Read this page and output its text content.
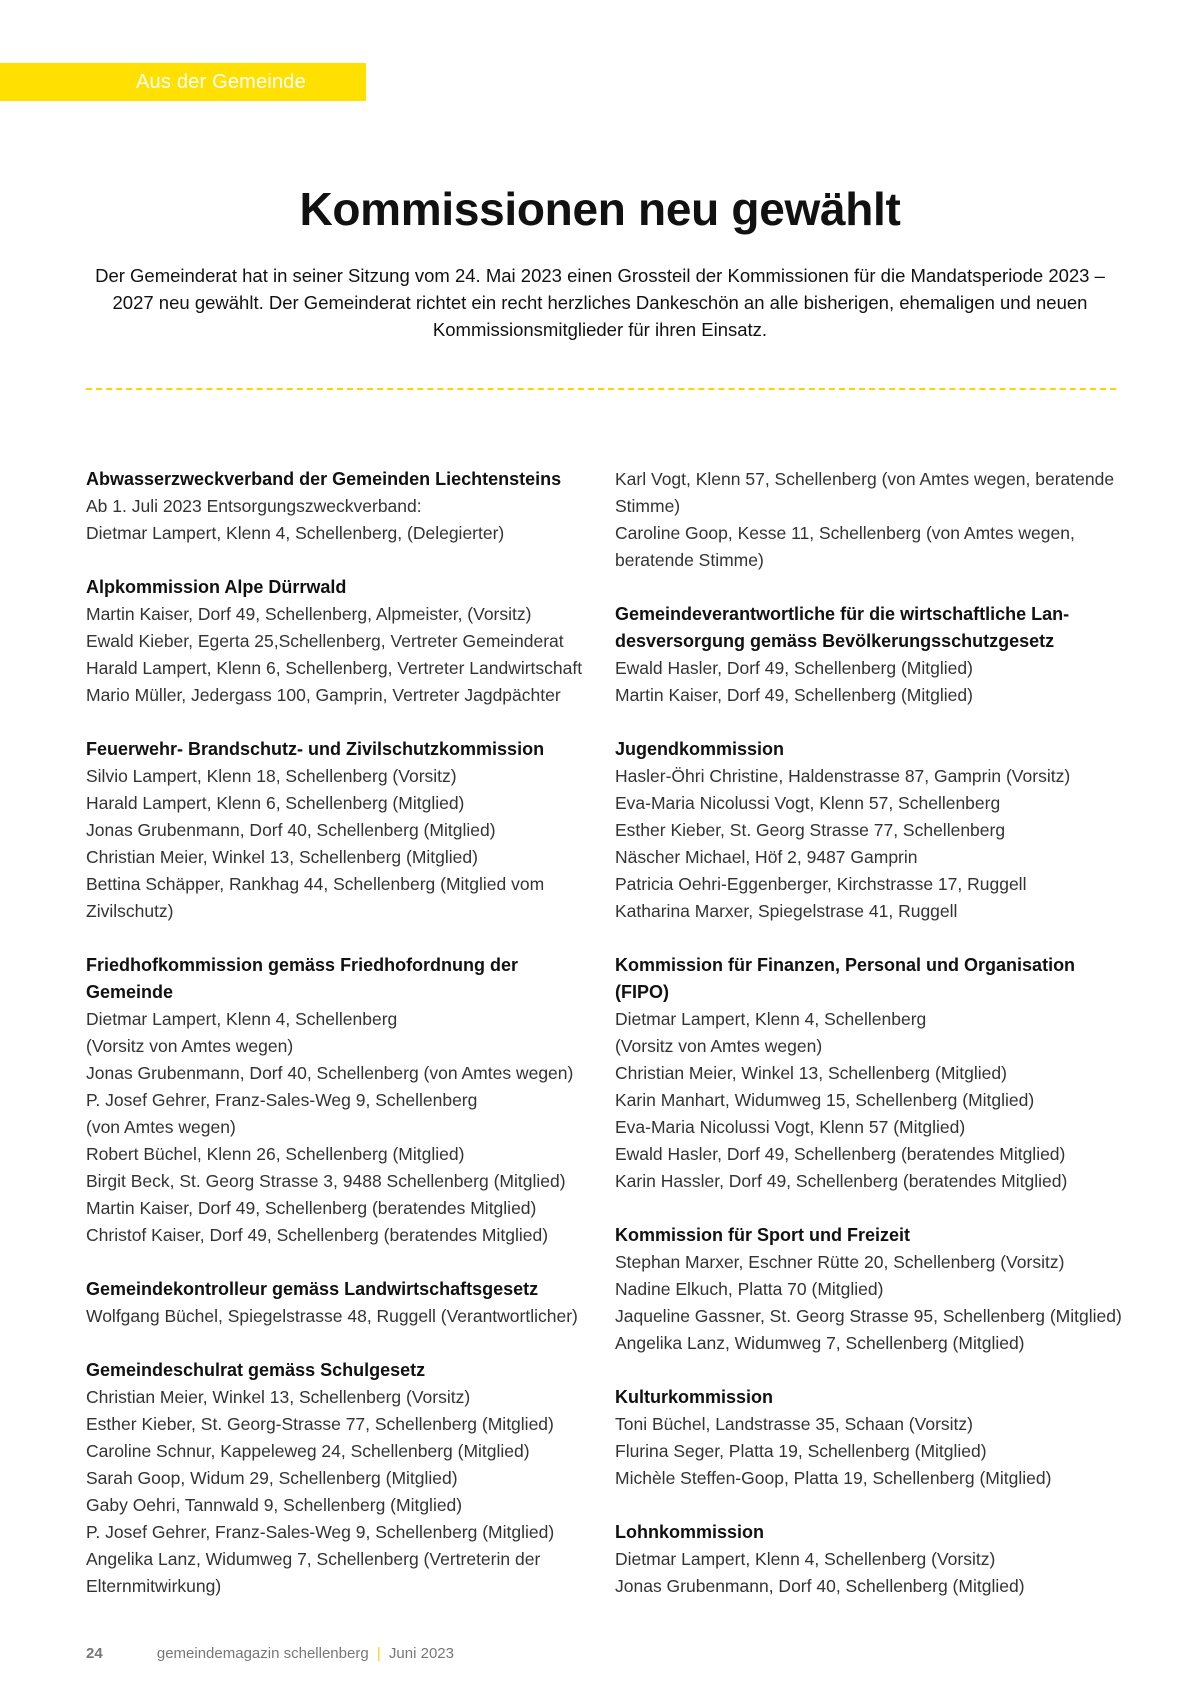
Aus der Gemeinde
Kommissionen neu gewählt

Der Gemeinderat hat in seiner Sitzung vom 24. Mai 2023 einen Grossteil der Kommissionen für die Mandatsperiode 2023 – 2027 neu gewählt. Der Gemeinderat richtet ein recht herzliches Dankeschön an alle bisherigen, ehemaligen und neuen Kommissionsmitglieder für ihren Einsatz.

Abwasserzweckverband der Gemeinden Liechtensteins
Ab 1. Juli 2023 Entsorgungszweckverband:
Dietmar Lampert, Klenn 4, Schellenberg, (Delegierter)
Alpkommission Alpe Dürrwald
Martin Kaiser, Dorf 49, Schellenberg, Alpmeister, (Vorsitz)
Ewald Kieber, Egerta 25,Schellenberg, Vertreter Gemeinderat
Harald Lampert, Klenn 6, Schellenberg, Vertreter Landwirtschaft
Mario Müller, Jedergass 100, Gamprin, Vertreter Jagdpächter
Feuerwehr- Brandschutz- und Zivilschutzkommission
Silvio Lampert, Klenn 18, Schellenberg (Vorsitz)
Harald Lampert, Klenn 6, Schellenberg (Mitglied)
Jonas Grubenmann, Dorf 40, Schellenberg (Mitglied)
Christian Meier, Winkel 13, Schellenberg (Mitglied)
Bettina Schäpper, Rankhag 44, Schellenberg (Mitglied vom
Zivilschutz)
Friedhofkommission gemäss Friedhofordnung der
Gemeinde
Dietmar Lampert, Klenn 4, Schellenberg
(Vorsitz von Amtes wegen)
Jonas Grubenmann, Dorf 40, Schellenberg (von Amtes wegen)
P. Josef Gehrer, Franz-Sales-Weg 9, Schellenberg
(von Amtes wegen)
Robert Büchel, Klenn 26, Schellenberg (Mitglied)
Birgit Beck, St. Georg Strasse 3, 9488 Schellenberg (Mitglied)
Martin Kaiser, Dorf 49, Schellenberg (beratendes Mitglied)
Christof Kaiser, Dorf 49, Schellenberg (beratendes Mitglied)
Gemeindekontrolleur gemäss Landwirtschaftsgesetz
Wolfgang Büchel, Spiegelstrasse 48, Ruggell (Verantwortlicher)
Gemeindeschulrat gemäss Schulgesetz
Christian Meier, Winkel 13, Schellenberg (Vorsitz)
Esther Kieber, St. Georg-Strasse 77, Schellenberg (Mitglied)
Caroline Schnur, Kappeleweg 24, Schellenberg (Mitglied)
Sarah Goop, Widum 29, Schellenberg (Mitglied)
Gaby Oehri, Tannwald 9, Schellenberg (Mitglied)
P. Josef Gehrer, Franz-Sales-Weg 9, Schellenberg (Mitglied)
Angelika Lanz, Widumweg 7, Schellenberg (Vertreterin der
Elternmitwirkung)
Karl Vogt, Klenn 57, Schellenberg (von Amtes wegen, beratende
Stimme)
Caroline Goop, Kesse 11, Schellenberg (von Amtes wegen,
beratende Stimme)
Gemeindeverantwortliche für die wirtschaftliche Lan-
desversorgung gemäss Bevölkerungsschutzgesetz
Ewald Hasler, Dorf 49, Schellenberg (Mitglied)
Martin Kaiser, Dorf 49, Schellenberg (Mitglied)
Jugendkommission
Hasler-Öhri Christine, Haldenstrasse 87, Gamprin (Vorsitz)
Eva-Maria Nicolussi Vogt, Klenn 57, Schellenberg
Esther Kieber, St. Georg Strasse 77, Schellenberg
Näscher Michael, Höf 2, 9487 Gamprin
Patricia Oehri-Eggenberger, Kirchstrasse 17, Ruggell
Katharina Marxer, Spiegelstrase 41, Ruggell
Kommission für Finanzen, Personal und Organisation
(FIPO)
Dietmar Lampert, Klenn 4, Schellenberg
(Vorsitz von Amtes wegen)
Christian Meier, Winkel 13, Schellenberg (Mitglied)
Karin Manhart, Widumweg 15, Schellenberg (Mitglied)
Eva-Maria Nicolussi Vogt, Klenn 57 (Mitglied)
Ewald Hasler, Dorf 49, Schellenberg (beratendes Mitglied)
Karin Hassler, Dorf 49, Schellenberg (beratendes Mitglied)
Kommission für Sport und Freizeit
Stephan Marxer, Eschner Rütte 20, Schellenberg (Vorsitz)
Nadine Elkuch, Platta 70 (Mitglied)
Jaqueline Gassner, St. Georg Strasse 95, Schellenberg (Mitglied)
Angelika Lanz, Widumweg 7, Schellenberg (Mitglied)
Kulturkommission
Toni Büchel, Landstrasse 35, Schaan (Vorsitz)
Flurina Seger, Platta 19, Schellenberg (Mitglied)
Michèle Steffen-Goop, Platta 19, Schellenberg (Mitglied)
Lohnkommission
Dietmar Lampert, Klenn 4, Schellenberg (Vorsitz)
Jonas Grubenmann, Dorf 40, Schellenberg (Mitglied)
24	gemeindemagazin schellenberg | Juni 2023
